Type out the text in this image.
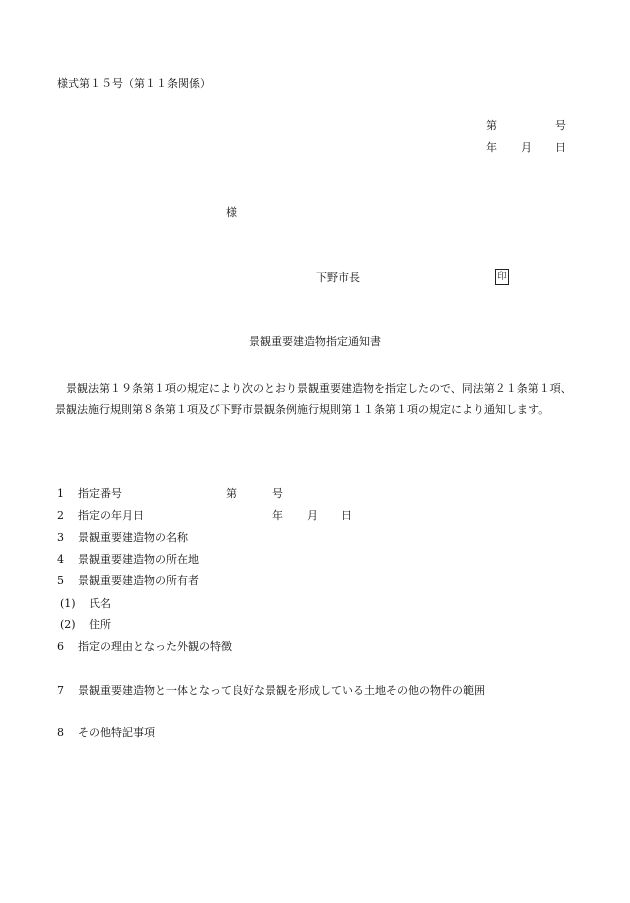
様式第１５号（第１１条関係）
第	号
年 月 日
様
下野市長	印
景観重要建造物指定通知書
景観法第１９条第１項の規定により次のとおり景観重要建造物を指定したので、同法第２１条第１項、景観法施行規則第８条第１項及び下野市景観条例施行規則第１１条第１項の規定により通知します。
1 指定番号	第	号
2 指定の年月日	年 月 日
3 景観重要建造物の名称
4 景観重要建造物の所在地
5 景観重要建造物の所有者
(1) 氏名
(2) 住所
6 指定の理由となった外観の特徴
7 景観重要建造物と一体となって良好な景観を形成している土地その他の物件の範囲
8 その他特記事項
